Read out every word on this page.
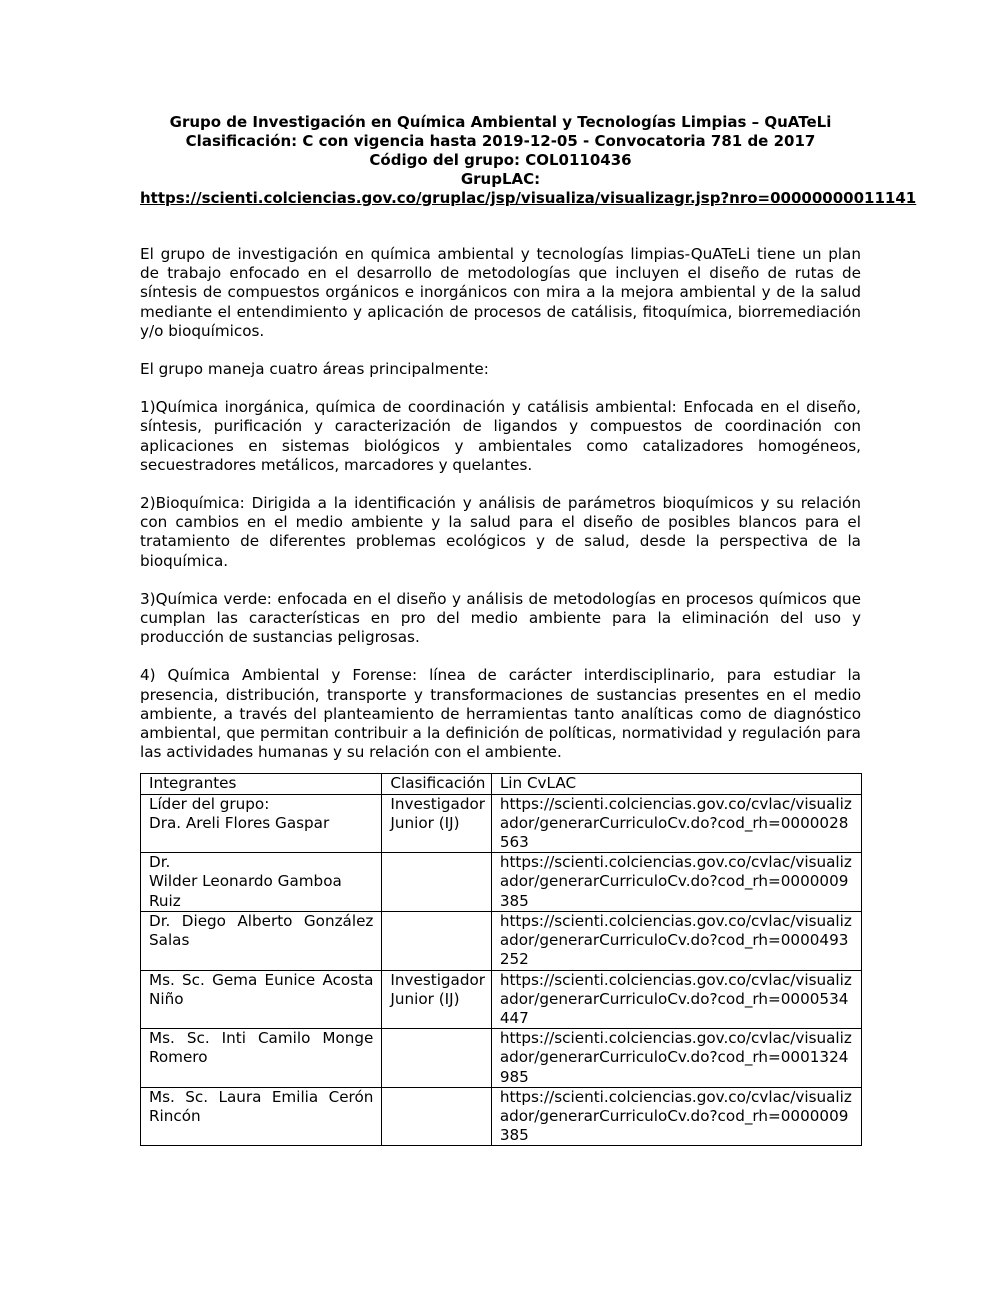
Grupo de Investigación en Química Ambiental y Tecnologías Limpias – QuATeLi
Clasificación: C con vigencia hasta 2019-12-05 - Convocatoria 781 de 2017
Código del grupo: COL0110436
GrupLAC:
https://scienti.colciencias.gov.co/gruplac/jsp/visualiza/visualizagr.jsp?nro=00000000011141

El grupo de investigación en química ambiental y tecnologías limpias-QuATeLi tiene un plan de trabajo enfocado en el desarrollo de metodologías que incluyen el diseño de rutas de síntesis de compuestos orgánicos e inorgánicos con mira a la mejora ambiental y de la salud mediante el entendimiento y aplicación de procesos de catálisis, fitoquímica, biorremediación y/o bioquímicos.

El grupo maneja cuatro áreas principalmente:

1)Química inorgánica, química de coordinación y catálisis ambiental: Enfocada en el diseño, síntesis, purificación y caracterización de ligandos y compuestos de coordinación con aplicaciones en sistemas biológicos y ambientales como catalizadores homogéneos, secuestradores metálicos, marcadores y quelantes.

2)Bioquímica: Dirigida a la identificación y análisis de parámetros bioquímicos y su relación con cambios en el medio ambiente y la salud para el diseño de posibles blancos para el tratamiento de diferentes problemas ecológicos y de salud, desde la perspectiva de la bioquímica.

3)Química verde: enfocada en el diseño y análisis de metodologías en procesos químicos que cumplan las características en pro del medio ambiente para la eliminación del uso y producción de sustancias peligrosas.

4) Química Ambiental y Forense: línea de carácter interdisciplinario, para estudiar la presencia, distribución, transporte y transformaciones de sustancias presentes en el medio ambiente, a través del planteamiento de herramientas tanto analíticas como de diagnóstico ambiental, que permitan contribuir a la definición de políticas, normatividad y regulación para las actividades humanas y su relación con el ambiente.

Integrantes	Clasificación	Lin CvLAC

Líder del grupo:
Dra. Areli Flores Gaspar	Investigador Junior (IJ)	https://scienti.colciencias.gov.co/cvlac/visualizador/generarCurriculoCv.do?cod_rh=0000028563

Dr.
Wilder Leonardo Gamboa Ruiz		https://scienti.colciencias.gov.co/cvlac/visualizador/generarCurriculoCv.do?cod_rh=0000009385

Dr. Diego Alberto González Salas		https://scienti.colciencias.gov.co/cvlac/visualizador/generarCurriculoCv.do?cod_rh=0000493252

Ms. Sc. Gema Eunice Acosta Niño	Investigador Junior (IJ)	https://scienti.colciencias.gov.co/cvlac/visualizador/generarCurriculoCv.do?cod_rh=0000534447

Ms. Sc. Inti Camilo Monge Romero		https://scienti.colciencias.gov.co/cvlac/visualizador/generarCurriculoCv.do?cod_rh=0001324985

Ms. Sc. Laura Emilia Cerón Rincón		https://scienti.colciencias.gov.co/cvlac/visualizador/generarCurriculoCv.do?cod_rh=0000009385
